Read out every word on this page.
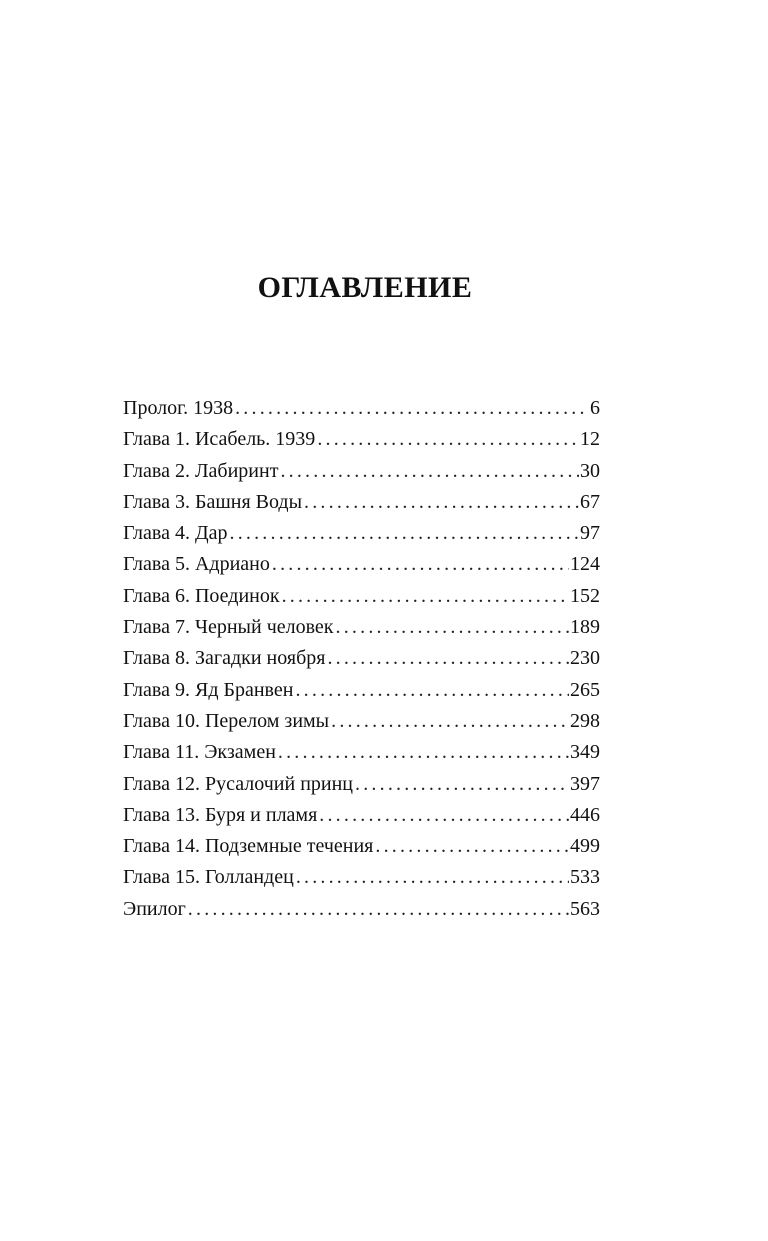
ОГЛАВЛЕНИЕ
Пролог. 1938 .....	6
Глава 1. Исабель. 1939 .....	12
Глава 2. Лабиринт .....	30
Глава 3. Башня Воды .....	67
Глава 4. Дар .....	97
Глава 5. Адриано .....	124
Глава 6. Поединок .....	152
Глава 7. Черный человек .....	189
Глава 8. Загадки ноября .....	230
Глава 9. Яд Бранвен .....	265
Глава 10. Перелом зимы .....	298
Глава 11. Экзамен .....	349
Глава 12. Русалочий принц .....	397
Глава 13. Буря и пламя .....	446
Глава 14. Подземные течения .....	499
Глава 15. Голландец .....	533
Эпилог .....	563
